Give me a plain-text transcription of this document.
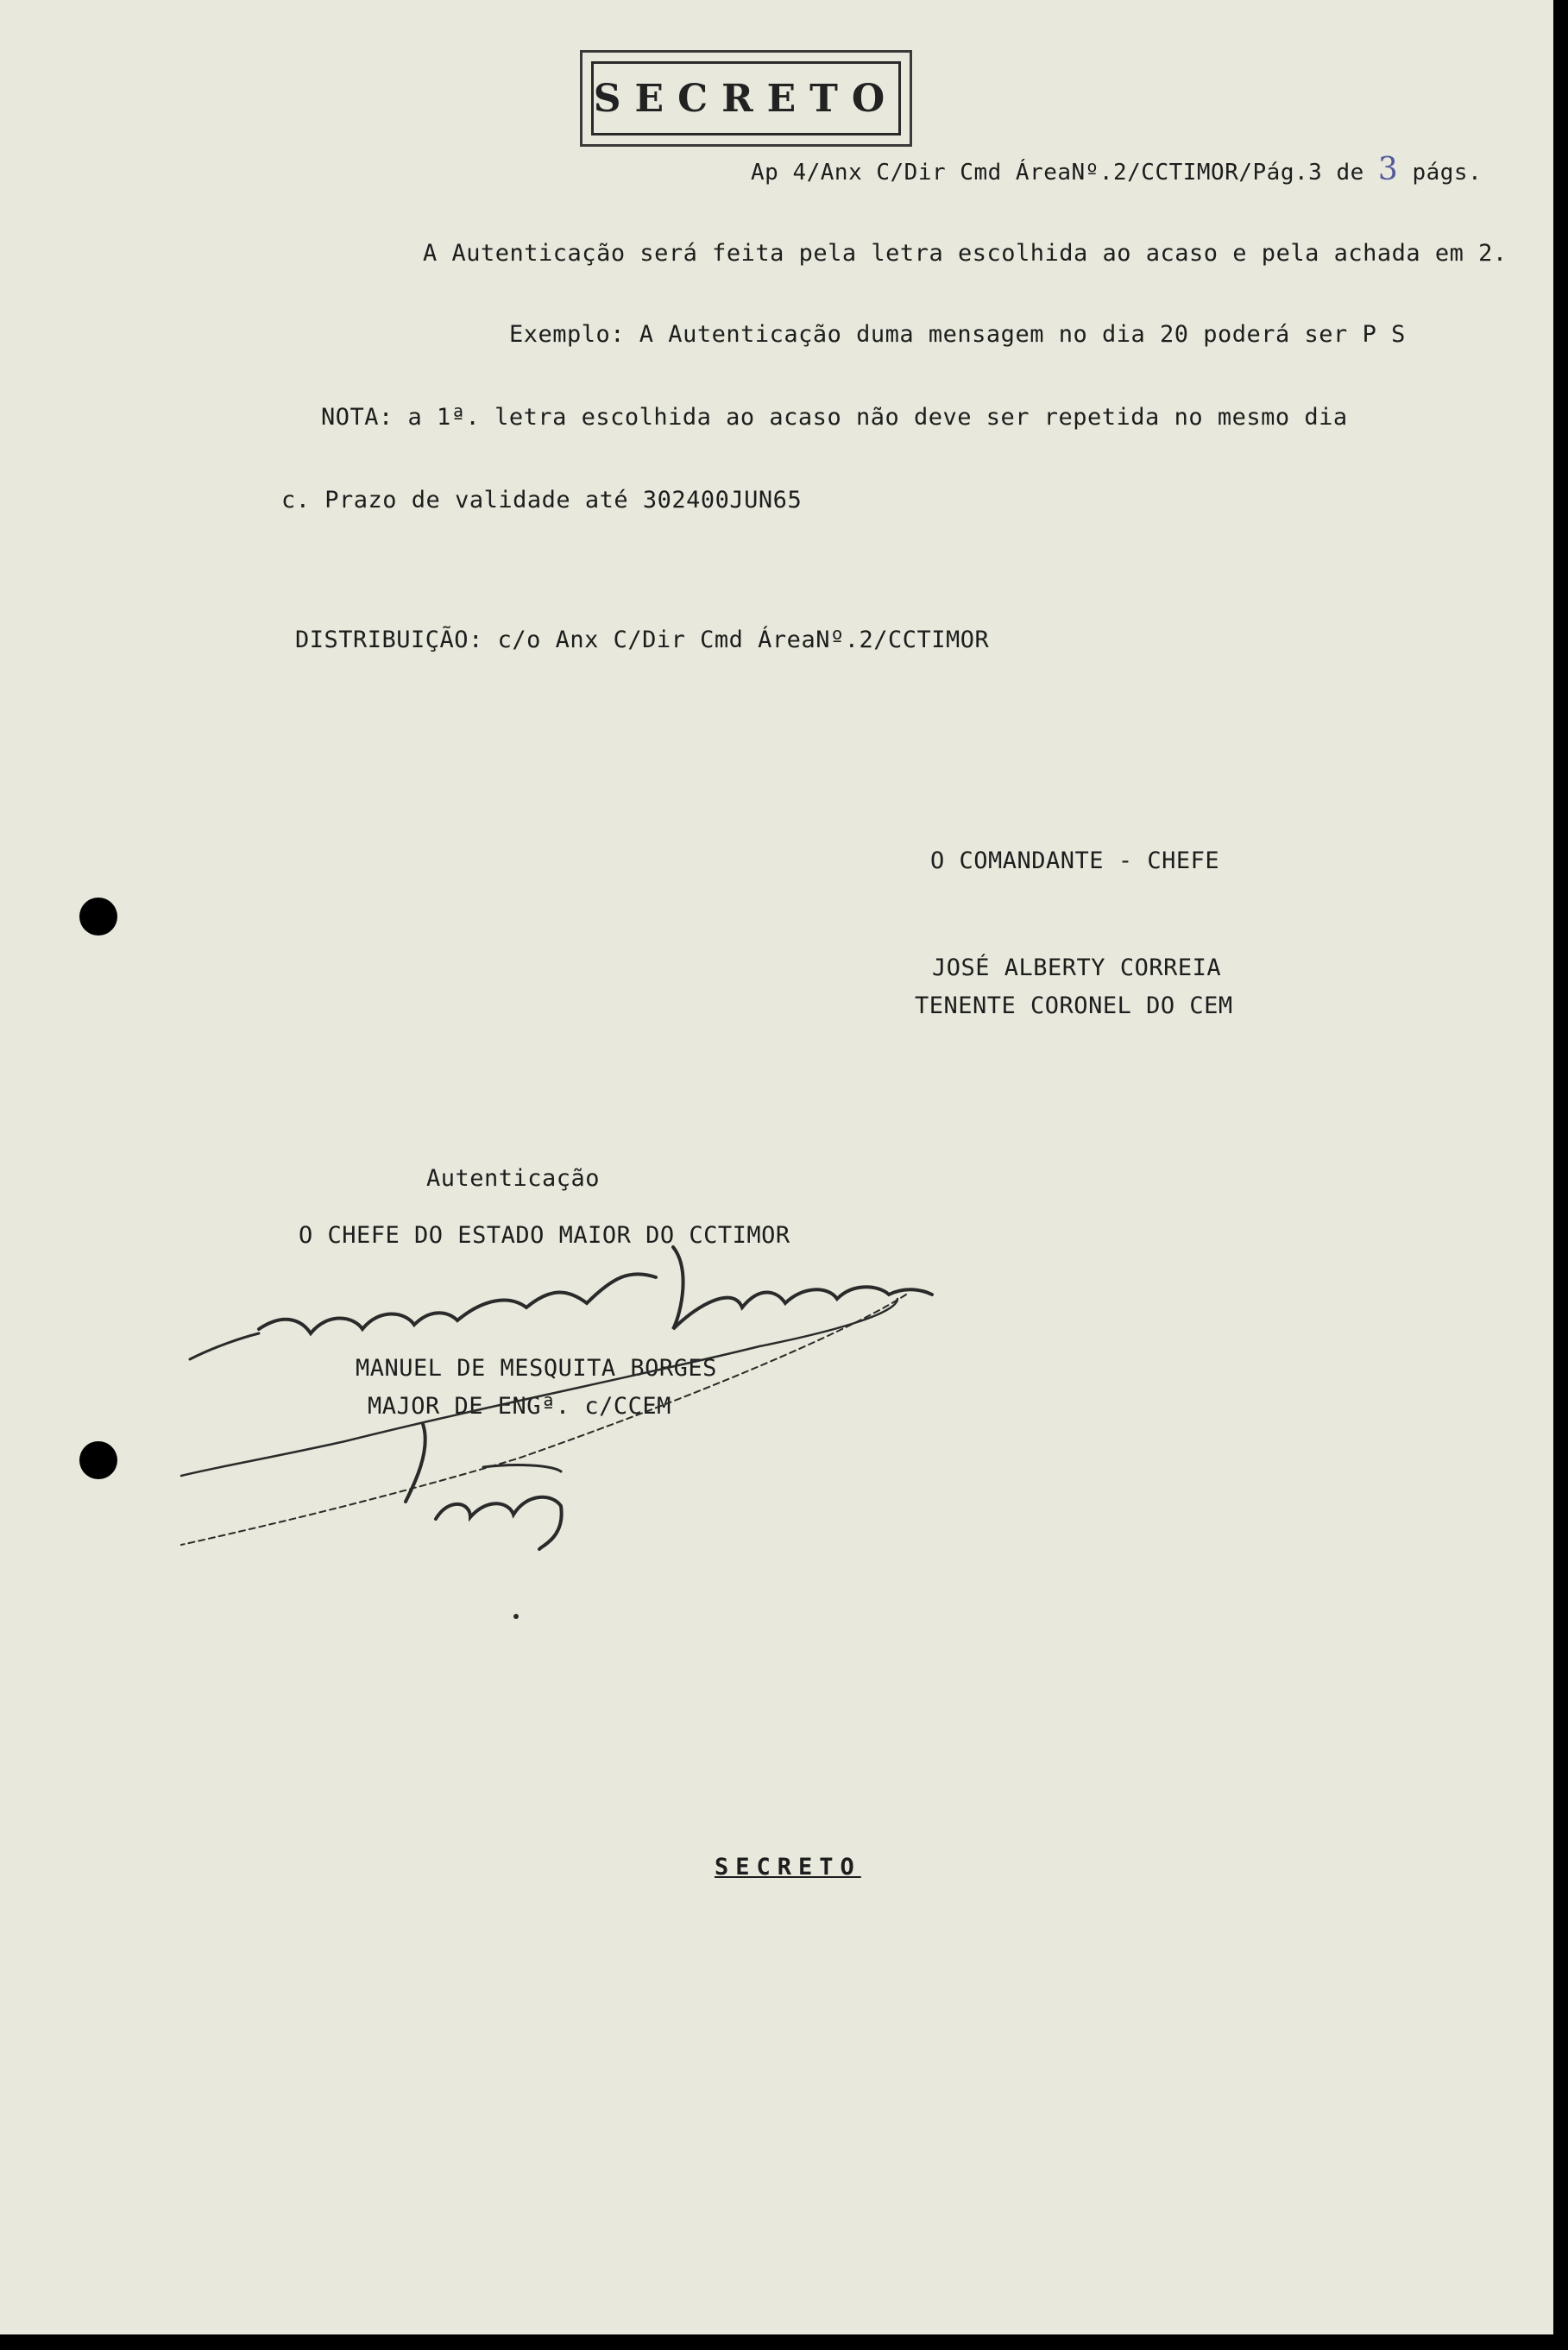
SECRETO
Ap 4/Anx C/Dir Cmd ÁreaNº.2/CCTIMOR/Pág.3 de 3 págs.
A Autenticação será feita pela letra escolhida ao acaso e pela achada em 2.
Exemplo: A Autenticação duma mensagem no dia 20 poderá ser P S
NOTA: a 1ª. letra escolhida ao acaso não deve ser repetida no mesmo dia
c. Prazo de validade até 302400JUN65
DISTRIBUIÇÃO: c/o Anx C/Dir Cmd ÁreaNº.2/CCTIMOR
O COMANDANTE - CHEFE
JOSÉ ALBERTY CORREIA
TENENTE CORONEL DO CEM
Autenticação
O CHEFE DO ESTADO MAIOR DO CCTIMOR
MANUEL DE MESQUITA BORGES
MAJOR DE ENGª. c/CCEM
SECRETO
